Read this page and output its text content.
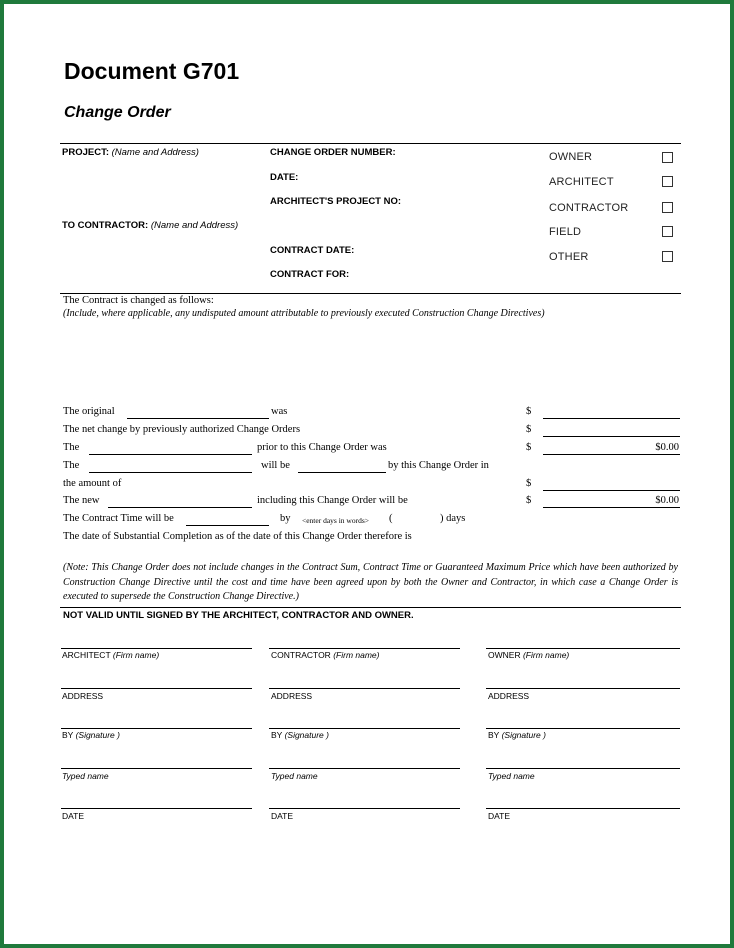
Document G701
Change Order
PROJECT: (Name and Address)
TO CONTRACTOR: (Name and Address)
CHANGE ORDER NUMBER:
DATE:
ARCHITECT'S PROJECT NO:
CONTRACT DATE:
CONTRACT FOR:
OWNER
ARCHITECT
CONTRACTOR
FIELD
OTHER
The Contract is changed as follows:
(Include, where applicable, any undisputed amount attributable to previously executed Construction Change Directives)
The original	was	$
The net change by previously authorized Change Orders	$
The	prior to this Change Order was	$	$0.00
The	will be	by this Change Order in
the amount of	$
The new	including this Change Order will be	$	$0.00
The Contract Time will be	by <enter days in words> (	) days
The date of Substantial Completion as of the date of this Change Order therefore is
(Note: This Change Order does not include changes in the Contract Sum, Contract Time or Guaranteed Maximum Price which have been authorized by Construction Change Directive until the cost and time have been agreed upon by both the Owner and Contractor, in which case a Change Order is executed to supersede the Construction Change Directive.)
NOT VALID UNTIL SIGNED BY THE ARCHITECT, CONTRACTOR AND OWNER.
ARCHITECT (Firm name)
ADDRESS
BY (Signature )
Typed name
DATE
CONTRACTOR (Firm name)
ADDRESS
BY (Signature )
Typed name
DATE
OWNER (Firm name)
ADDRESS
BY (Signature )
Typed name
DATE
